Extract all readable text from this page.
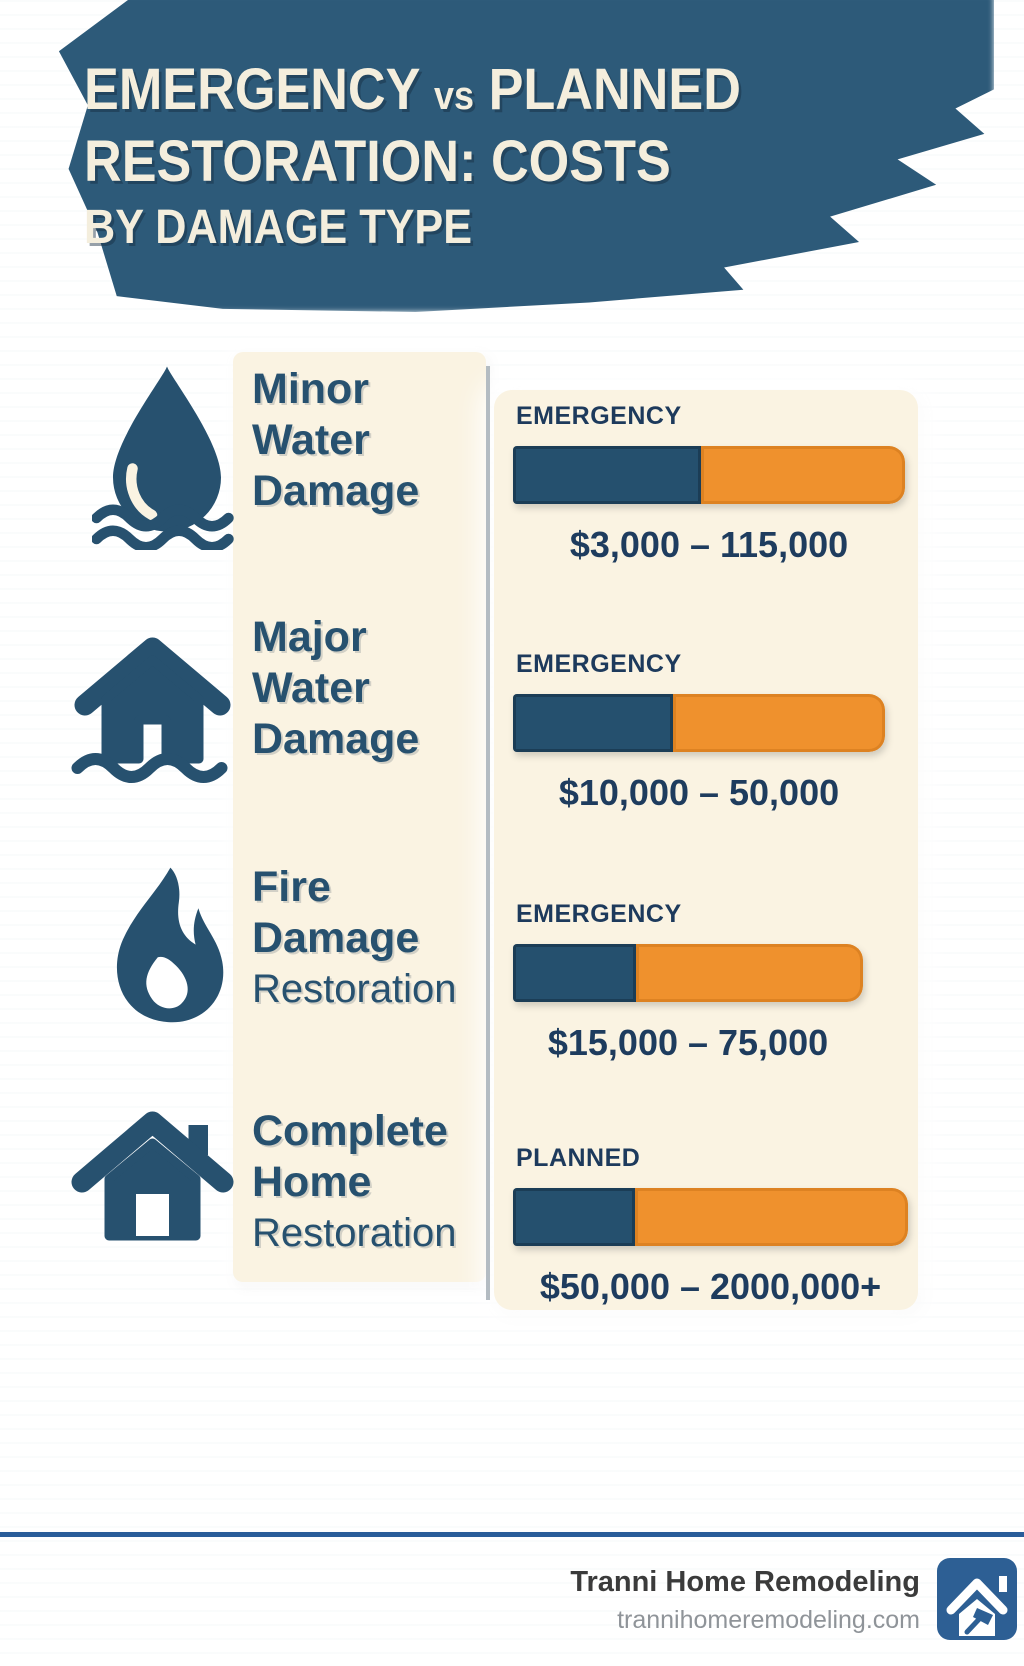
EMERGENCY vs PLANNED
RESTORATION: COSTS
BY DAMAGE TYPE
Minor
Water
Damage
EMERGENCY
$3,000 – 115,000
Major
Water
Damage
EMERGENCY
$10,000 – 50,000
Fire
Damage
Restoration
EMERGENCY
$15,000 – 75,000
Complete
Home
Restoration
PLANNED
$50,000 – 2000,000+
Tranni Home Remodeling
trannihomeremodeling.com
